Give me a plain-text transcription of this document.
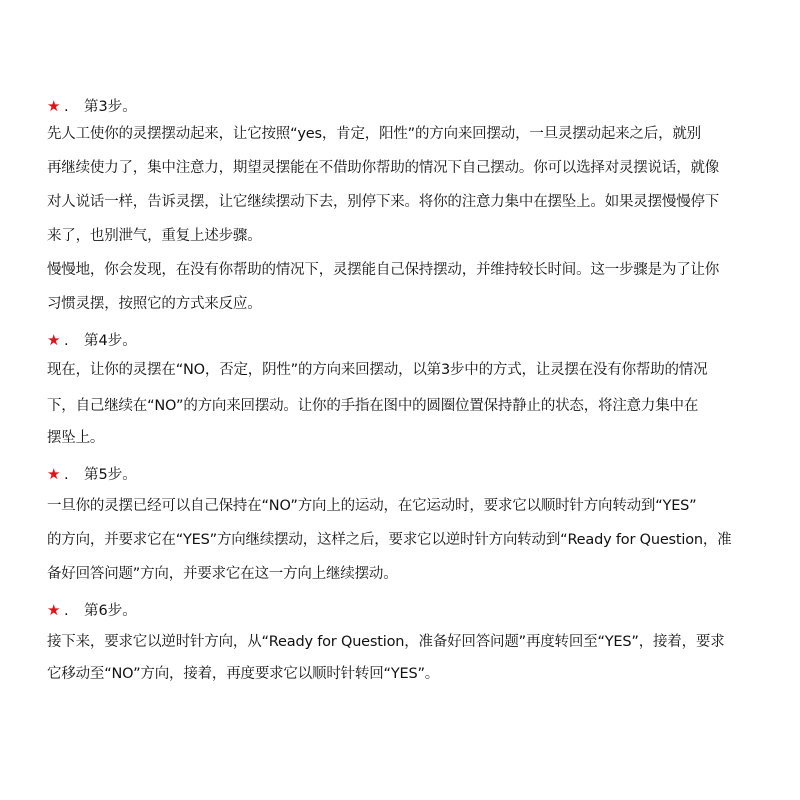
★ . 第3步。
先人工使你的灵摆摆动起来，让它按照“yes，肯定，阳性”的方向来回摆动，一旦灵摆动起来之后，就别
再继续使力了，集中注意力，期望灵摆能在不借助你帮助的情况下自己摆动。你可以选择对灵摆说话，就像
对人说话一样，告诉灵摆，让它继续摆动下去，别停下来。将你的注意力集中在摆坠上。如果灵摆慢慢停下
来了，也别泄气，重复上述步骤。
慢慢地，你会发现，在没有你帮助的情况下，灵摆能自己保持摆动，并维持较长时间。这一步骤是为了让你
习惯灵摆，按照它的方式来反应。
★ . 第4步。
现在，让你的灵摆在“NO，否定，阴性”的方向来回摆动，以第3步中的方式，让灵摆在没有你帮助的情况
下，自己继续在“NO”的方向来回摆动。让你的手指在图中的圆圈位置保持静止的状态，将注意力集中在
摆坠上。
★ . 第5步。
一旦你的灵摆已经可以自己保持在“NO”方向上的运动，在它运动时，要求它以顺时针方向转动到“YES”
的方向，并要求它在“YES”方向继续摆动，这样之后，要求它以逆时针方向转动到“Ready for Question，准
备好回答问题”方向，并要求它在这一方向上继续摆动。
★ . 第6步。
接下来，要求它以逆时针方向，从“Ready for Question，准备好回答问题”再度转回至“YES”，接着，要求
它移动至“NO”方向，接着，再度要求它以顺时针转回“YES”。
